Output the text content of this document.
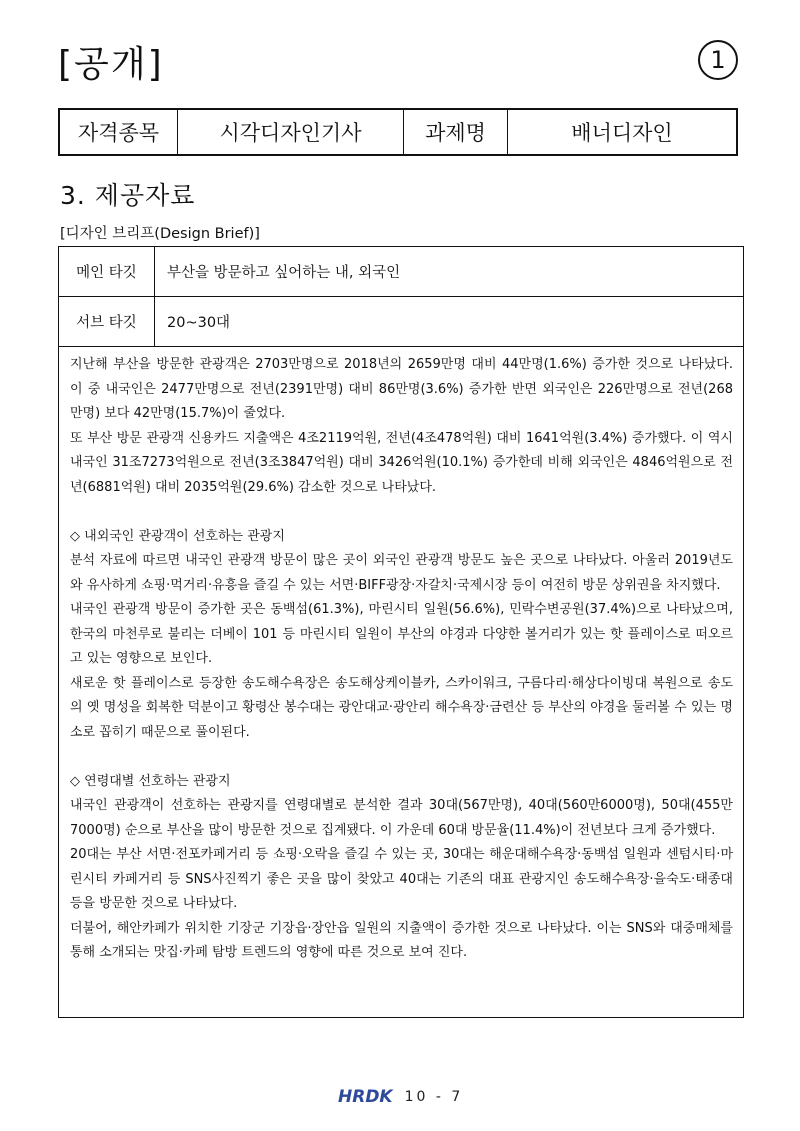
[공개]	1
자격종목	시각디자인기사	과제명	배너디자인
3. 제공자료
[디자인 브리프(Design Brief)]
메인 타깃	부산을 방문하고 싶어하는 내, 외국인
서브 타깃	20~30대

지난해 부산을 방문한 관광객은 2703만명으로 2018년의 2659만명 대비 44만명(1.6%) 증가한 것으로 나타났다. 이 중 내국인은 2477만명으로 전년(2391만명) 대비 86만명(3.6%) 증가한 반면 외국인은 226만명으로 전년(268만명) 보다 42만명(15.7%)이 줄었다.

또 부산 방문 관광객 신용카드 지출액은 4조2119억원, 전년(4조478억원) 대비 1641억원(3.4%) 증가했다. 이 역시 내국인 31조7273억원으로 전년(3조3847억원) 대비 3426억원(10.1%) 증가한데 비해 외국인은 4846억원으로 전년(6881억원) 대비 2035억원(29.6%) 감소한 것으로 나타났다.

◇ 내외국인 관광객이 선호하는 관광지

분석 자료에 따르면 내국인 관광객 방문이 많은 곳이 외국인 관광객 방문도 높은 곳으로 나타났다. 아울러 2019년도와 유사하게 쇼핑·먹거리·유흥을 즐길 수 있는 서면·BIFF광장·자갈치·국제시장 등이 여전히 방문 상위권을 차지했다.

내국인 관광객 방문이 증가한 곳은 동백섬(61.3%), 마린시티 일원(56.6%), 민락수변공원(37.4%)으로 나타났으며, 한국의 마천루로 불리는 더베이 101 등 마린시티 일원이 부산의 야경과 다양한 볼거리가 있는 핫 플레이스로 떠오르고 있는 영향으로 보인다.

새로운 핫 플레이스로 등장한 송도해수욕장은 송도해상케이블카, 스카이워크, 구름다리·해상다이빙대 복원으로 송도의 옛 명성을 회복한 덕분이고 황령산 봉수대는 광안대교·광안리 해수욕장·금련산 등 부산의 야경을 둘러볼 수 있는 명소로 꼽히기 때문으로 풀이된다.

◇ 연령대별 선호하는 관광지

내국인 관광객이 선호하는 관광지를 연령대별로 분석한 결과 30대(567만명), 40대(560만6000명), 50대(455만7000명) 순으로 부산을 많이 방문한 것으로 집계됐다. 이 가운데 60대 방문율(11.4%)이 전년보다 크게 증가했다.

20대는 부산 서면·전포카페거리 등 쇼핑·오락을 즐길 수 있는 곳, 30대는 해운대해수욕장·동백섬 일원과 센텀시티·마린시티 카페거리 등 SNS사진찍기 좋은 곳을 많이 찾았고 40대는 기존의 대표 관광지인 송도해수욕장·을숙도·태종대 등을 방문한 것으로 나타났다.

더불어, 해안카페가 위치한 기장군 기장읍·장안읍 일원의 지출액이 증가한 것으로 나타났다. 이는 SNS와 대중매체를 통해 소개되는 맛집·카페 탐방 트렌드의 영향에 따른 것으로 보여 진다.

HRDK 10 - 7
